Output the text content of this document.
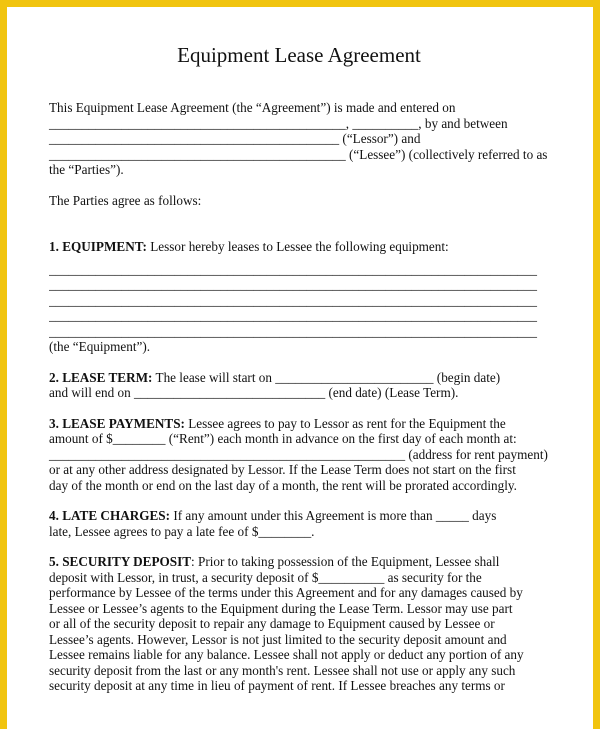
Equipment Lease Agreement
This Equipment Lease Agreement (the “Agreement”) is made and entered on
_____________________________________________, __________, by and between
____________________________________________ (“Lessor”) and
_____________________________________________ (“Lessee”) (collectively referred to as
the “Parties”).
The Parties agree as follows:
1. EQUIPMENT: Lessor hereby leases to Lessee the following equipment:
__________________________________________________________________________
__________________________________________________________________________
__________________________________________________________________________
__________________________________________________________________________
__________________________________________________________________________
(the “Equipment”).
2. LEASE TERM: The lease will start on ________________________ (begin date)
and will end on _____________________________ (end date) (Lease Term).
3. LEASE PAYMENTS: Lessee agrees to pay to Lessor as rent for the Equipment the
amount of $________ (“Rent”) each month in advance on the first day of each month at:
______________________________________________________ (address for rent payment)
or at any other address designated by Lessor. If the Lease Term does not start on the first
day of the month or end on the last day of a month, the rent will be prorated accordingly.
4. LATE CHARGES: If any amount under this Agreement is more than _____ days
late, Lessee agrees to pay a late fee of $________.
5. SECURITY DEPOSIT: Prior to taking possession of the Equipment, Lessee shall
deposit with Lessor, in trust, a security deposit of $__________ as security for the
performance by Lessee of the terms under this Agreement and for any damages caused by
Lessee or Lessee’s agents to the Equipment during the Lease Term. Lessor may use part
or all of the security deposit to repair any damage to Equipment caused by Lessee or
Lessee’s agents. However, Lessor is not just limited to the security deposit amount and
Lessee remains liable for any balance. Lessee shall not apply or deduct any portion of any
security deposit from the last or any month's rent. Lessee shall not use or apply any such
security deposit at any time in lieu of payment of rent. If Lessee breaches any terms or
